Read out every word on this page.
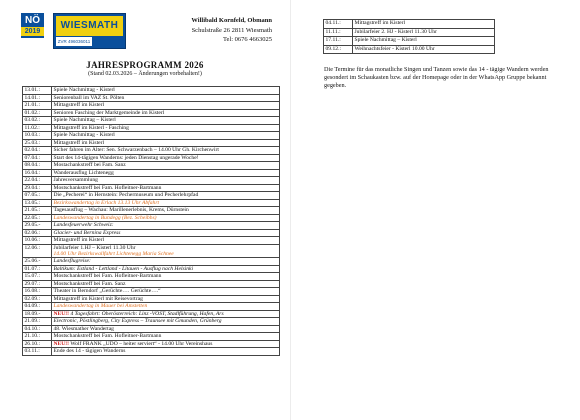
NÖ
2019
WIESMATH
ZVR 496036011
Willibald Kornfeld, Obmann
Schulstraße 26 2811 Wiesmath
Tel: 0676 4663025
JAHRESPROGRAMM 2026
(Stand 02.03.2026 – Änderungen vorbehalten!)
13.01.:	Spiele Nachmittag - Kisterl
14.01.:	Seniorenball im VAZ St. Pölten
21.01.:	Mittagstreff im Kisterl
01.02.:	Senioren Fasching der Marktgemeinde im Kisterl
03.02.:	Spiele Nachmittag – Kisterl
11.02.:	Mittagstreff im Kisterl - Fasching
10.03.:	Spiele Nachmittag - Kisterl
25.03.:	Mittagstreff im Kisterl
02.04.:	Sicher fahren im Alter: Sen. Schwarzenbach – 14.00 Uhr Gh. Kirchenwirt
07.04.:	Start des 14-tägigen Wanderns: jeden Dienstag ungerade Woche!
08.04.:	Mostachankstreff bei Fam. Sanz
16.04.:	Wanderausflug Lichtenegg
22.04.:	Jahresversammlung
29.04.:	Mostschankstreff bei Fam. Hofleitner-Bartmann
07.05.:	Die „Pecherei“ in Hernstein: Pechermuseum und Pecherlehrpfad
13.05.:	Bezirkswandertag in Erlach 13.13 Uhr Abfahrt
21.05.:	Tagesausflug – Wachau: Marillenerlebnis, Krems, Dürnstein
22.05.:	Landeswandertag in Bundegg (Bez. Scheibbs)
29.05.-	Landesfeuerwehr Schweiz:
02.06.:	Glacier- und Bernina Express
10.06.:	Mittagstreff im Kisterl
12.06.:	Jubilarfeier 1.HJ – Kisterl 11.30 Uhr
14.00 Uhr Bezirkswallfahrt Lichtenegg Maria Schnee
25.06.-	Landesflugreise:
01.07.:	Baltikum: Estland - Lettland - Litauen - Ausflug nach Helsinki
15.07.:	Mostschankstreff bei Fam. Hofleitner-Bartmann
29.07.:	Mostschankstreff bei Fam. Sanz
16.08.:	Theater in Berndorf „Gerüchte…. Gerüchte….“
02.09.:	Mittagstreff im Kisterl mit Reisevortrag
04.09.:	Landeswandertag in Mauer bei Amstetten
18.09.-	NEU!! 4 Tagesfahrt: Oberösterreich: Linz -VÖST, Stadlführung, Hafen, Ars
21.09.:	Electronic, Pöstlingberg, City Express – Traunsee mit Gmunden, Grünberg
04.10.:	48. Wiesmather Wandertag
21.10.:	Mostschankstreff bei Fam. Hofleitner-Bartmann
26.10.:	NEU!! Wolf FRANK „UDO – heiter serviert“ - 14.00 Uhr Vereinshaus
03.11.:	Ende des 14 - tägigen Wanderns
04.11.:	Mittagstreff im Kisterl
11.11.:	Jubilarfeier 2. HJ - Kisterl 11.30 Uhr
17.11.:	Spiele Nachmittag – Kisterl
09.12.:	Weihnachtsfeier - Kisterl 10.00 Uhr
Die Termine für das monatliche Singen und Tanzen sowie das 14 - tägige Wandern werden gesondert im Schaukasten bzw. auf der Homepage oder in der WhatsApp Gruppe bekannt gegeben.
